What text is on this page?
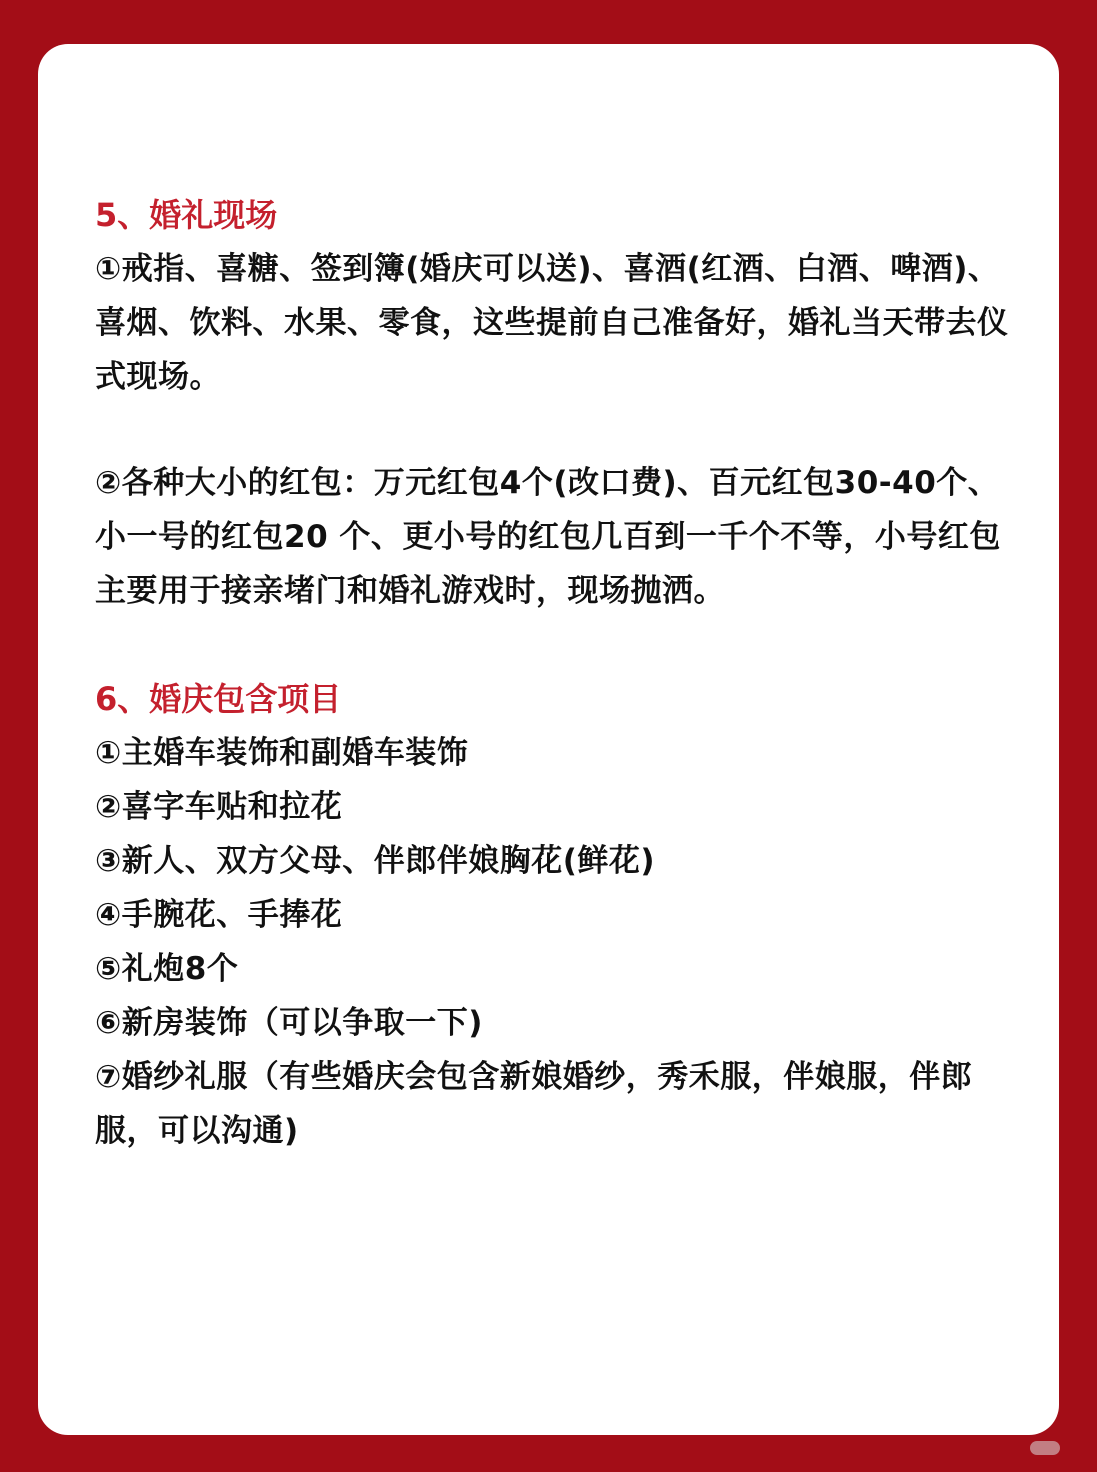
5、婚礼现场

①戒指、喜糖、签到簿(婚庆可以送)、喜酒(红酒、白酒、啤酒)、喜烟、饮料、水果、零食，这些提前自己准备好，婚礼当天带去仪式现场。

②各种大小的红包：万元红包4个(改口费)、百元红包30-40个、小一号的红包20 个、更小号的红包几百到一千个不等，小号红包主要用于接亲堵门和婚礼游戏时，现场抛洒。

6、婚庆包含项目

①主婚车装饰和副婚车装饰

②喜字车贴和拉花

③新人、双方父母、伴郎伴娘胸花(鲜花)

④手腕花、手捧花

⑤礼炮8个

⑥新房装饰（可以争取一下)

⑦婚纱礼服（有些婚庆会包含新娘婚纱，秀禾服，伴娘服，伴郎服，可以沟通)
